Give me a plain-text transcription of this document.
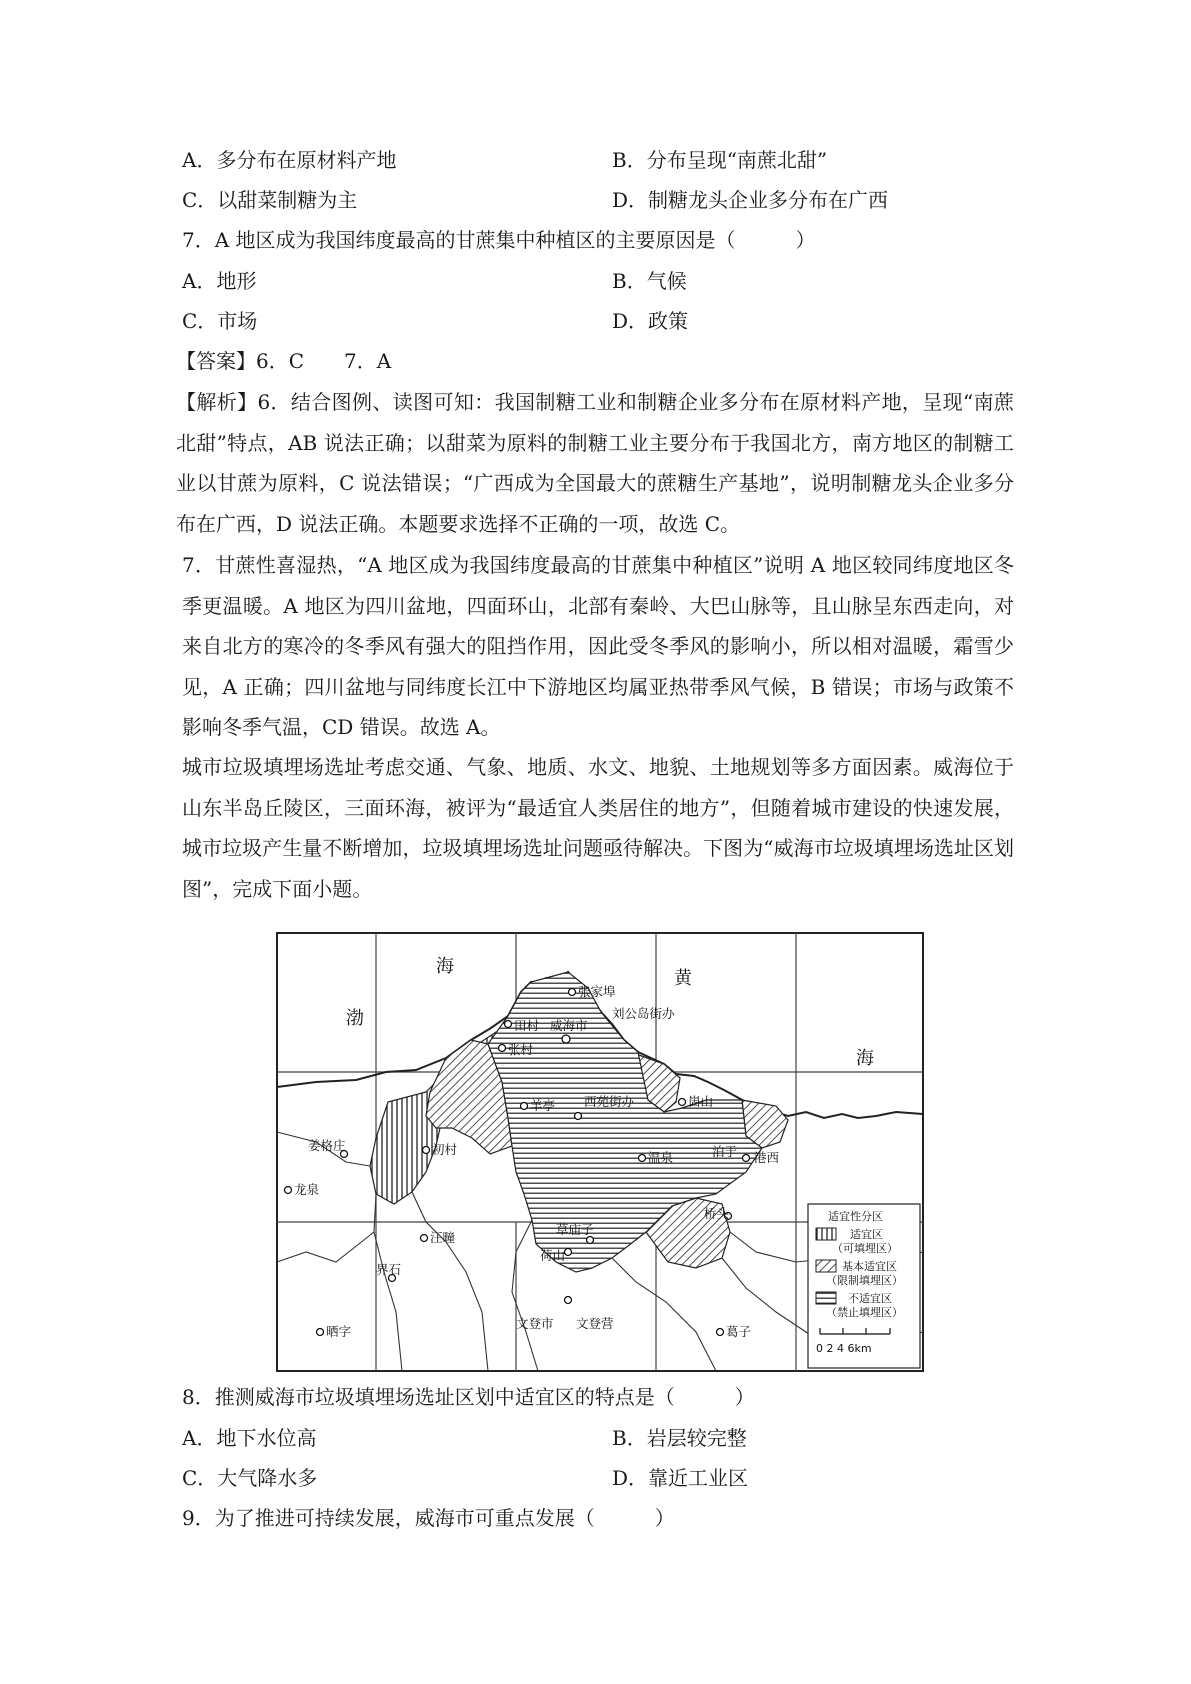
A．多分布在原材料产地	B．分布呈现“南蔗北甜”
C．以甜菜制糖为主	D．制糖龙头企业多分布在广西
7．A 地区成为我国纬度最高的甘蔗集中种植区的主要原因是（　　　）
A．地形	B．气候
C．市场	D．政策
【答案】6．C　　7．A
【解析】6．结合图例、读图可知：我国制糖工业和制糖企业多分布在原材料产地，呈现“南蔗北甜”特点，AB 说法正确；以甜菜为原料的制糖工业主要分布于我国北方，南方地区的制糖工业以甘蔗为原料，C 说法错误；“广西成为全国最大的蔗糖生产基地”，说明制糖龙头企业多分布在广西，D 说法正确。本题要求选择不正确的一项，故选 C。
7．甘蔗性喜湿热，“A 地区成为我国纬度最高的甘蔗集中种植区”说明 A 地区较同纬度地区冬季更温暖。A 地区为四川盆地，四面环山，北部有秦岭、大巴山脉等，且山脉呈东西走向，对来自北方的寒冷的冬季风有强大的阻挡作用，因此受冬季风的影响小，所以相对温暖，霜雪少见，A 正确；四川盆地与同纬度长江中下游地区均属亚热带季风气候，B 错误；市场与政策不影响冬季气温，CD 错误。故选 A。
城市垃圾填埋场选址考虑交通、气象、地质、水文、地貌、土地规划等多方面因素。威海位于山东半岛丘陵区，三面环海，被评为“最适宜人类居住的地方”，但随着城市建设的快速发展，城市垃圾产生量不断增加，垃圾填埋场选址问题亟待解决。下图为“威海市垃圾填埋场选址区划图”，完成下面小题。
海
渤
黄
海
张家埠
刘公岛街办
田村 威海市
张村
羊亭 西苑街办	崮山
初村
姜格庄
温泉	泊于 港西
龙泉
桥头
草庙子
汪疃
荷山
界石
文登市 文登营
晒字	葛子
适宜性分区
适宜区
（可填埋区）
基本适宜区
（限制填埋区）
不适宜区
（禁止填埋区）
0 2 4 6km
8．推测威海市垃圾填埋场选址区划中适宜区的特点是（　　　）
A．地下水位高	B．岩层较完整
C．大气降水多	D．靠近工业区
9．为了推进可持续发展，威海市可重点发展（　　　）
